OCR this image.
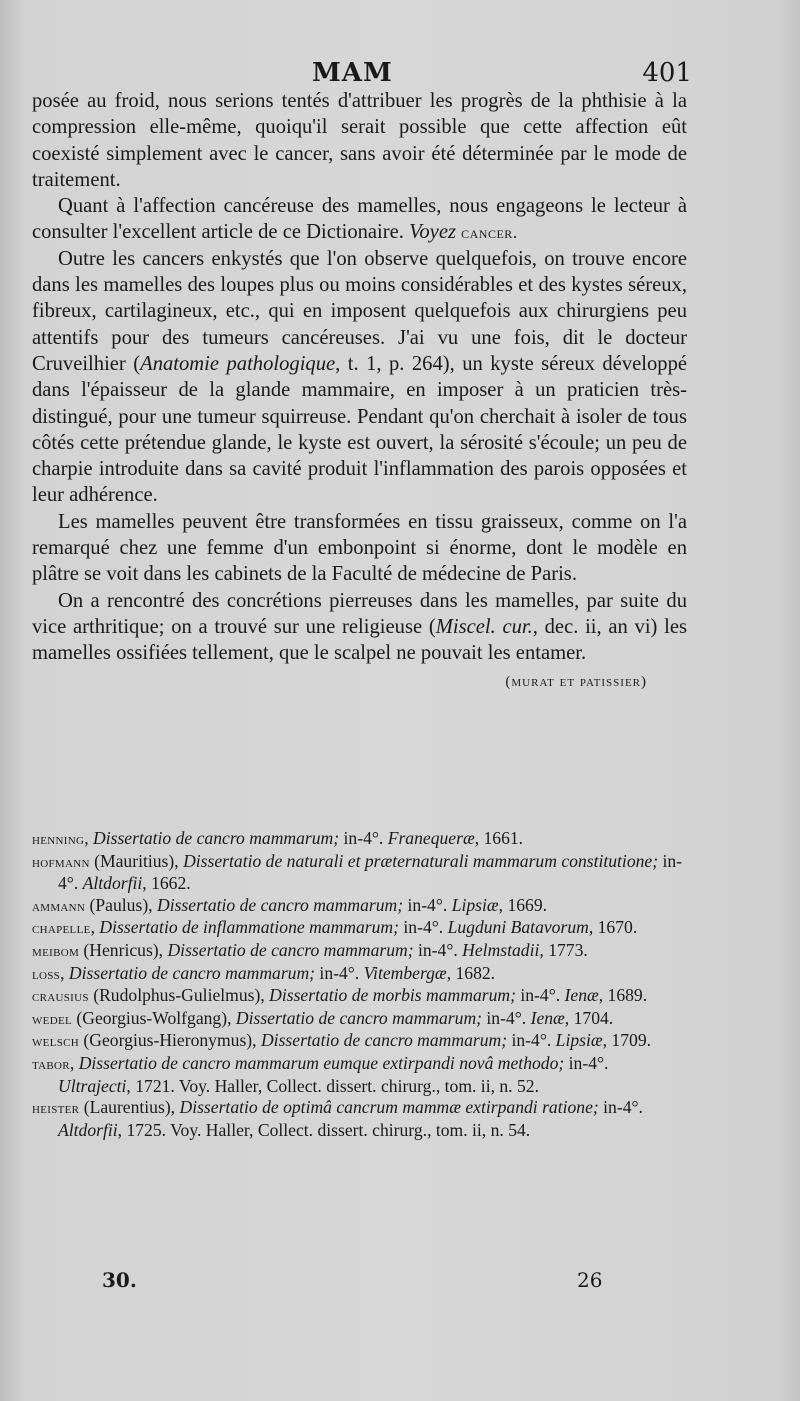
MAM	401

posée au froid, nous serions tentés d'attribuer les progrès de la phthisie à la compression elle-même, quoiqu'il serait possible que cette affection eût coexisté simplement avec le cancer, sans avoir été déterminée par le mode de traitement.

Quant à l'affection cancéreuse des mamelles, nous engageons le lecteur à consulter l'excellent article de ce Dictionaire. Voyez cancer.

Outre les cancers enkystés que l'on observe quelquefois, on trouve encore dans les mamelles des loupes plus ou moins considérables et des kystes séreux, fibreux, cartilagineux, etc., qui en imposent quelquefois aux chirurgiens peu attentifs pour des tumeurs cancéreuses. J'ai vu une fois, dit le docteur Cruveilhier (Anatomie pathologique, t. 1, p. 264), un kyste séreux développé dans l'épaisseur de la glande mammaire, en imposer à un praticien très-distingué, pour une tumeur squirreuse. Pendant qu'on cherchait à isoler de tous côtés cette prétendue glande, le kyste est ouvert, la sérosité s'écoule; un peu de charpie introduite dans sa cavité produit l'inflammation des parois opposées et leur adhérence.

Les mamelles peuvent être transformées en tissu graisseux, comme on l'a remarqué chez une femme d'un embonpoint si énorme, dont le modèle en plâtre se voit dans les cabinets de la Faculté de médecine de Paris.

On a rencontré des concrétions pierreuses dans les mamelles, par suite du vice arthritique; on a trouvé sur une religieuse (Miscel. cur., dec. ii, an vi) les mamelles ossifiées tellement, que le scalpel ne pouvait les entamer.

(murat et patissier)

henning, Dissertatio de cancro mammarum; in-4°. Franequeræ, 1661.

hofmann (Mauritius), Dissertatio de naturali et præternaturali mammarum constitutione; in-4°. Altdorfii, 1662.

ammann (Paulus), Dissertatio de cancro mammarum; in-4°. Lipsiæ, 1669.

chapelle, Dissertatio de inflammatione mammarum; in-4°. Lugduni Batavorum, 1670.

meibom (Henricus), Dissertatio de cancro mammarum; in-4°. Helmstadii, 1773.

loss, Dissertatio de cancro mammarum; in-4°. Vitembergæ, 1682.

crausius (Rudolphus-Gulielmus), Dissertatio de morbis mammarum; in-4°. Ienæ, 1689.

wedel (Georgius-Wolfgang), Dissertatio de cancro mammarum; in-4°. Ienæ, 1704.

welsch (Georgius-Hieronymus), Dissertatio de cancro mammarum; in-4°. Lipsiæ, 1709.

tabor, Dissertatio de cancro mammarum eumque extirpandi novâ methodo; in-4°. Ultrajecti, 1721. Voy. Haller, Collect. dissert. chirurg., tom. ii, n. 52.

heister (Laurentius), Dissertatio de optimâ cancrum mammæ extirpandi ratione; in-4°. Altdorfii, 1725. Voy. Haller, Collect. dissert. chirurg., tom. ii, n. 54.

30.	26
